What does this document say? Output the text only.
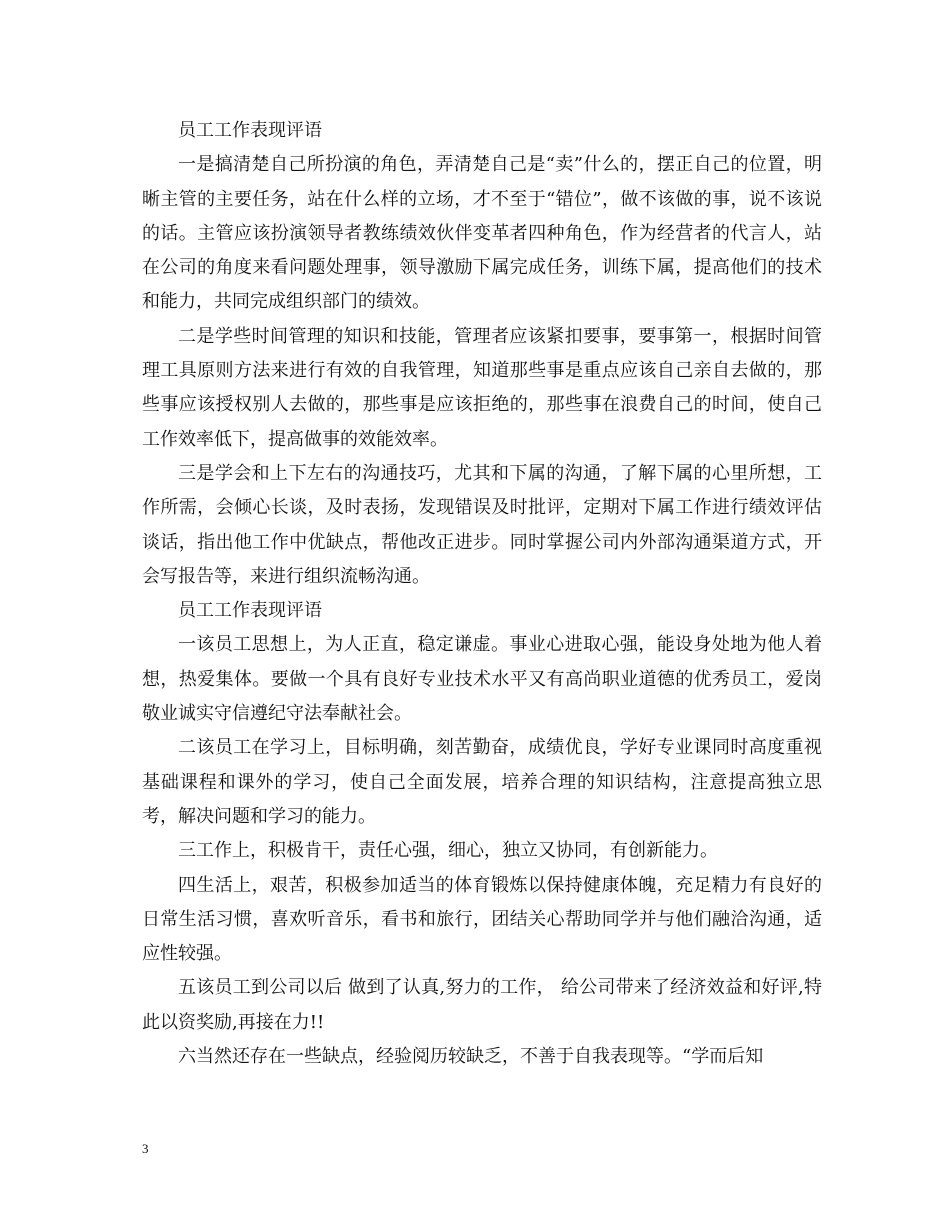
员工工作表现评语

一是搞清楚自己所扮演的角色，弄清楚自己是“卖”什么的，摆正自己的位置，明晰主管的主要任务，站在什么样的立场，才不至于“错位”，做不该做的事，说不该说的话。主管应该扮演领导者教练绩效伙伴变革者四种角色，作为经营者的代言人，站在公司的角度来看问题处理事，领导激励下属完成任务，训练下属，提高他们的技术和能力，共同完成组织部门的绩效。

二是学些时间管理的知识和技能，管理者应该紧扣要事，要事第一，根据时间管理工具原则方法来进行有效的自我管理，知道那些事是重点应该自己亲自去做的，那些事应该授权别人去做的，那些事是应该拒绝的，那些事在浪费自己的时间，使自己工作效率低下，提高做事的效能效率。

三是学会和上下左右的沟通技巧，尤其和下属的沟通，了解下属的心里所想，工作所需，会倾心长谈，及时表扬，发现错误及时批评，定期对下属工作进行绩效评估谈话，指出他工作中优缺点，帮他改正进步。同时掌握公司内外部沟通渠道方式，开会写报告等，来进行组织流畅沟通。

员工工作表现评语

一该员工思想上，为人正直，稳定谦虚。事业心进取心强，能设身处地为他人着想，热爱集体。要做一个具有良好专业技术水平又有高尚职业道德的优秀员工，爱岗敬业诚实守信遵纪守法奉献社会。

二该员工在学习上，目标明确，刻苦勤奋，成绩优良，学好专业课同时高度重视基础课程和课外的学习，使自己全面发展，培养合理的知识结构，注意提高独立思考，解决问题和学习的能力。

三工作上，积极肯干，责任心强，细心，独立又协同，有创新能力。

四生活上，艰苦，积极参加适当的体育锻炼以保持健康体魄，充足精力有良好的日常生活习惯，喜欢听音乐，看书和旅行，团结关心帮助同学并与他们融洽沟通，适应性较强。

五该员工到公司以后 做到了认真,努力的工作， 给公司带来了经济效益和好评,特此以资奖励,再接在力!!

六当然还存在一些缺点，经验阅历较缺乏，不善于自我表现等。“学而后知

3
